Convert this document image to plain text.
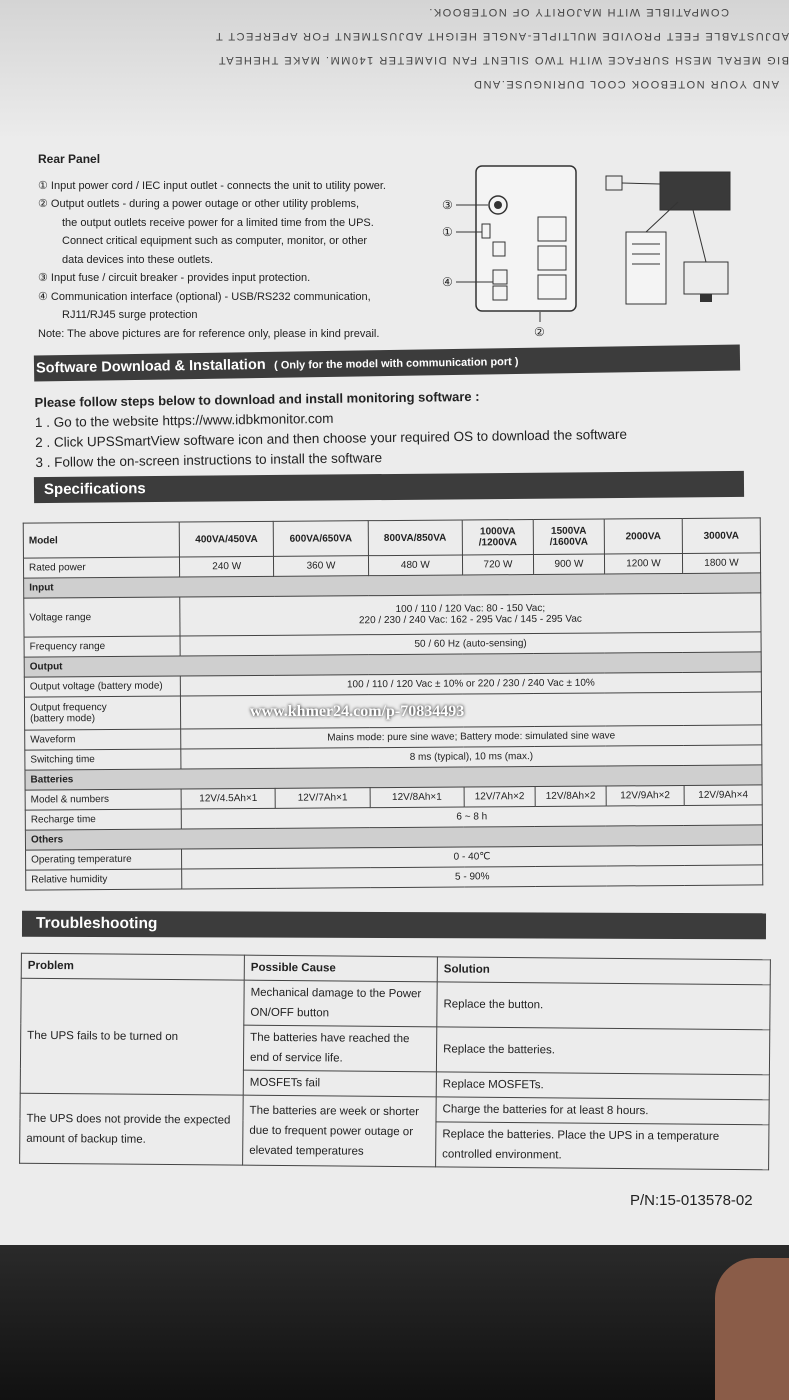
AND YOUR NOTEBOOK COOL DURINGUSE.AND
BIG MERAL MESH SURFACE WITH TWO SILENT FAN DIAMETER 140MM. MAKE THEHEAT
ADJUSTABLE FEET PROVIDE MULTIPLE-ANGLE HEIGHT ADJUSTMENT FOR APERFECT T
COMPATIBLE WITH MAJORITY OF NOTEBOOK.
Rear Panel
① Input power cord / IEC input outlet - connects the unit to utility power.
② Output outlets - during a power outage or other utility problems,
the output outlets receive power for a limited time from the UPS.
Connect critical equipment such as computer, monitor, or other
data devices into these outlets.
③ Input fuse / circuit breaker - provides input protection.
④ Communication interface (optional) - USB/RS232 communication,
RJ11/RJ45 surge protection
Note: The above pictures are for reference only, please in kind prevail.
③
①
④
②
Software Download & Installation ( Only for the model with communication port )
Please follow steps below to download and install monitoring software :
1 . Go to the website https://www.idbkmonitor.com
2 . Click UPSSmartView software icon and then choose your required OS to download the software
3 . Follow the on-screen instructions to install the software
Specifications
Model	400VA/450VA	600VA/650VA	800VA/850VA	1000VA /1200VA	1500VA /1600VA	2000VA	3000VA
Rated power	240 W	360 W	480 W	720 W	900 W	1200 W	1800 W
Input							
Voltage range	100 / 110 / 120 Vac: 80 - 150 Vac;
220 / 230 / 240 Vac: 162 - 295 Vac / 145 - 295 Vac						

Frequency range	50 / 60 Hz (auto-sensing)						
Output							
Output voltage (battery mode)	100 / 110 / 120 Vac ± 10% or 220 / 230 / 240 Vac ± 10%						

Output frequency
(battery mode)							

Waveform	Mains mode: pure sine wave; Battery mode: simulated sine wave						
Switching time	8 ms (typical), 10 ms (max.)						
Batteries							
Model & numbers	12V/4.5Ah×1	12V/7Ah×1	12V/8Ah×1	12V/7Ah×2	12V/8Ah×2	12V/9Ah×2	12V/9Ah×4
Recharge time	6 ~ 8 h						
Others							
Operating temperature	0 - 40℃						
Relative humidity	5 - 90%						
Troubleshooting
Problem	Possible Cause	Solution
The UPS fails to be turned on	Mechanical damage to the Power ON/OFF button	Replace the button.
	The batteries have reached the end of service life.	Replace the batteries.
	MOSFETs fail	Replace MOSFETs.
The UPS does not provide the expected amount of backup time.	The batteries are week or shorter due to frequent power outage or elevated temperatures	Charge the batteries for at least 8 hours.
		Replace the batteries. Place the UPS in a temperature controlled environment.
P/N:15-013578-02
www.khmer24.com/p-70834493
